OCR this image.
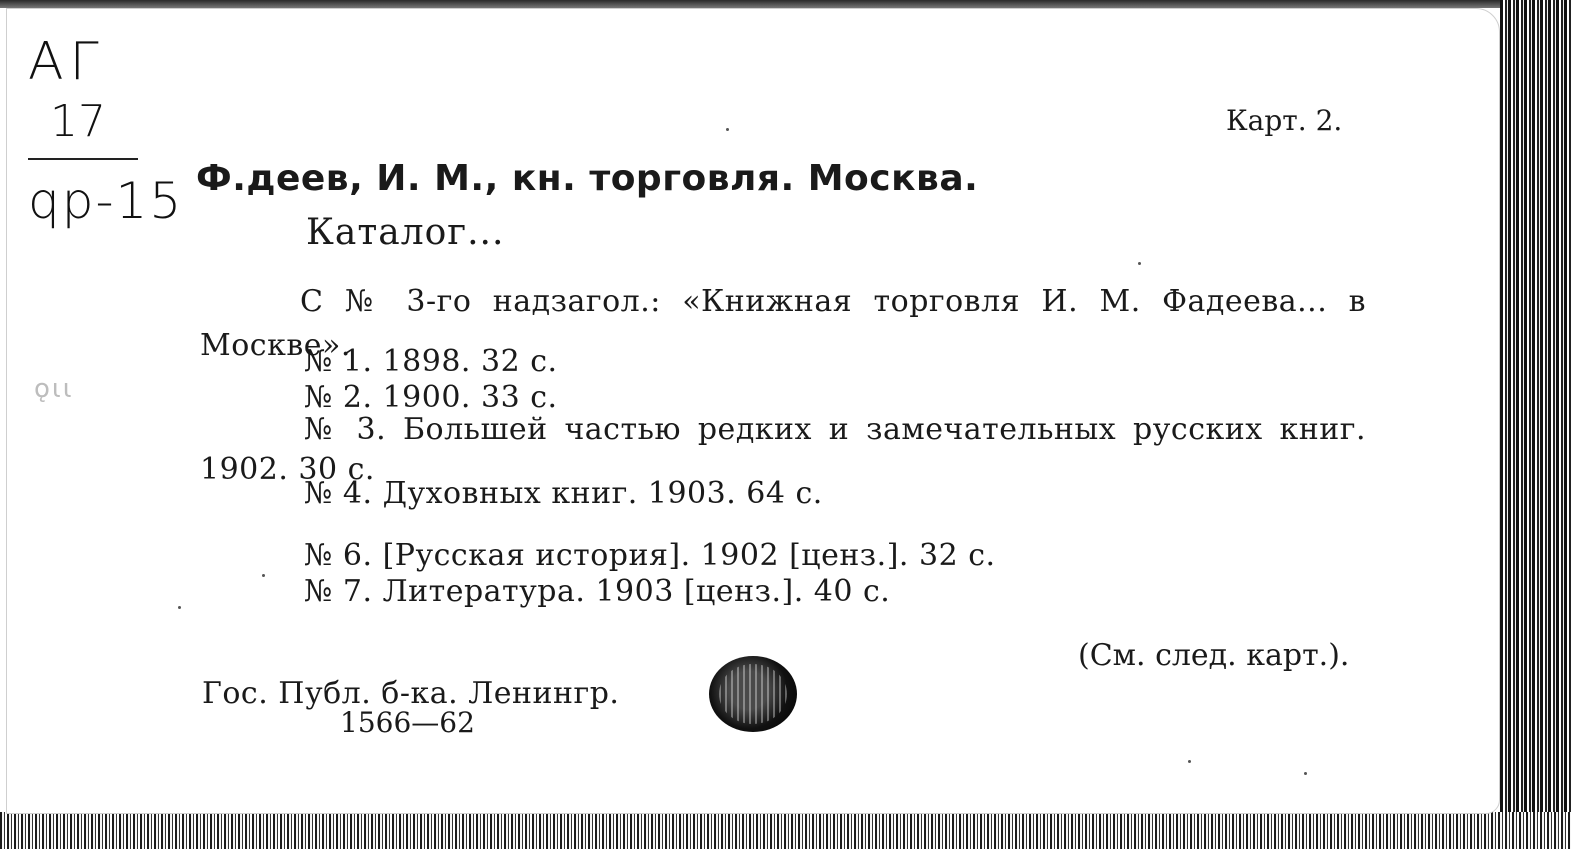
АГ
17
qp-15
ǫɩɩ
Карт. 2.
Ф.деев, И. М., кн. торговля. Москва.
Каталог...
С № 3-го надзагол.: «Книжная торговля И. М. Фадеева... в Москве».
№ 1. 1898. 32 с.
№ 2. 1900. 33 с.
№ 3. Большей частью редких и замечательных русских книг. 1902. 30 с.
№ 4. Духовных книг. 1903. 64 с.
№ 6. [Русская история]. 1902 [ценз.]. 32 с.
№ 7. Литература. 1903 [ценз.]. 40 с.
(См. след. карт.).
Гос. Публ. б-ка. Ленингр.
1566—62
